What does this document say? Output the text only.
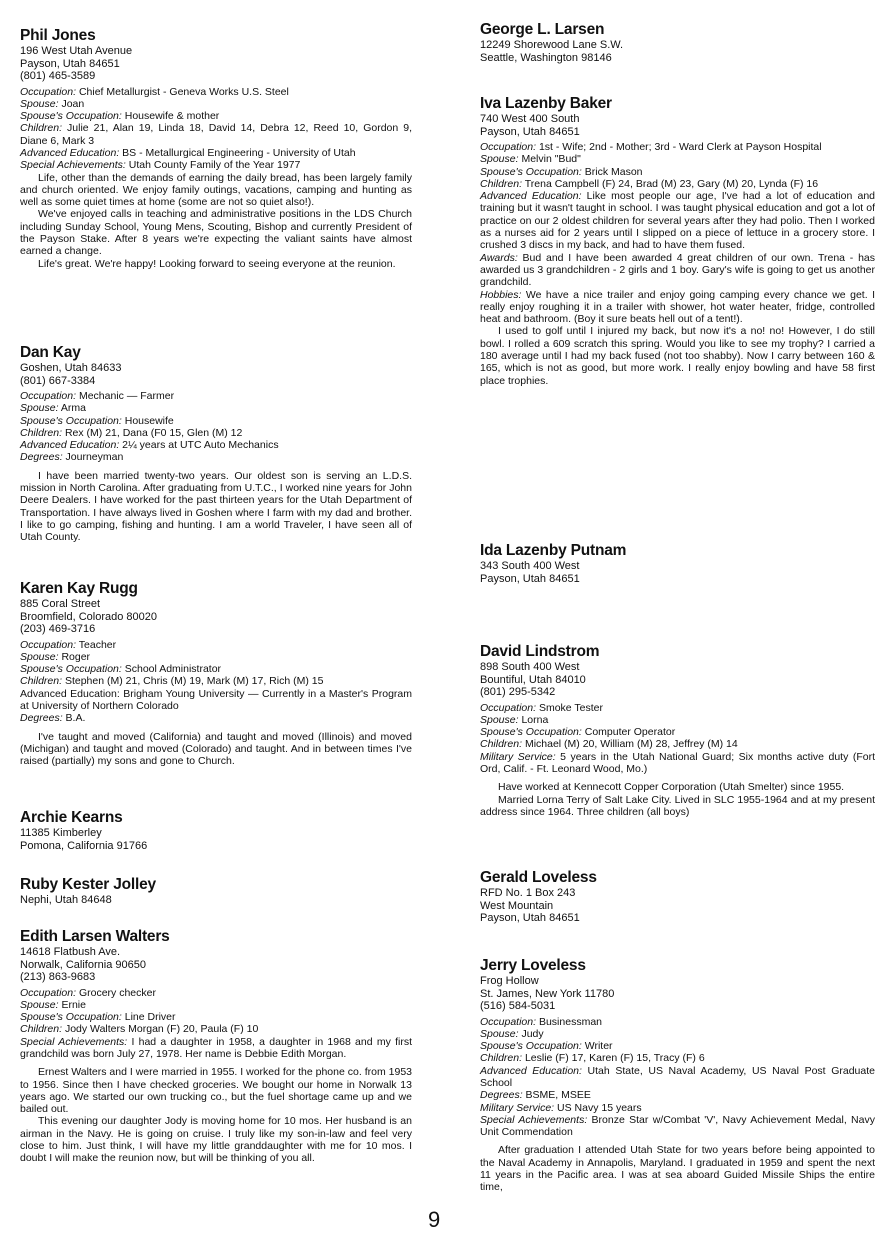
Phil Jones
196 West Utah Avenue
Payson, Utah 84651
(801) 465-3589
Occupation: Chief Metallurgist - Geneva Works U.S. Steel
Spouse: Joan
Spouse's Occupation: Housewife & mother
Children: Julie 21, Alan 19, Linda 18, David 14, Debra 12, Reed 10, Gordon 9, Diane 6, Mark 3
Advanced Education: BS - Metallurgical Engineering - University of Utah
Special Achievements: Utah County Family of the Year 1977

Life, other than the demands of earning the daily bread, has been largely family and church oriented. We enjoy family outings, vacations, camping and hunting as well as some quiet times at home (some are not so quiet also!).

We've enjoyed calls in teaching and administrative positions in the LDS Church including Sunday School, Young Mens, Scouting, Bishop and currently President of the Payson Stake. After 8 years we're expecting the valiant saints have almost earned a change.

Life's great. We're happy! Looking forward to seeing everyone at the reunion.

Dan Kay
Goshen, Utah 84633
(801) 667-3384
Occupation: Mechanic — Farmer
Spouse: Arma
Spouse's Occupation: Housewife
Children: Rex (M) 21, Dana (F0 15, Glen (M) 12
Advanced Education: 2¼ years at UTC Auto Mechanics
Degrees: Journeyman

I have been married twenty-two years. Our oldest son is serving an L.D.S. mission in North Carolina. After graduating from U.T.C., I worked nine years for John Deere Dealers. I have worked for the past thirteen years for the Utah Department of Transportation. I have always lived in Goshen where I farm with my dad and brother. I like to go camping, fishing and hunting. I am a world Traveler, I have seen all of Utah County.

Karen Kay Rugg
885 Coral Street
Broomfield, Colorado 80020
(203) 469-3716
Occupation: Teacher
Spouse: Roger
Spouse's Occupation: School Administrator
Children: Stephen (M) 21, Chris (M) 19, Mark (M) 17, Rich (M) 15
Advanced Education: Brigham Young University — Currently in a Master's Program at University of Northern Colorado
Degrees: B.A.

I've taught and moved (California) and taught and moved (Illinois) and moved (Michigan) and taught and moved (Colorado) and taught. And in between times I've raised (partially) my sons and gone to Church.

Archie Kearns
11385 Kimberley
Pomona, California 91766
Ruby Kester Jolley
Nephi, Utah 84648
Edith Larsen Walters
14618 Flatbush Ave.
Norwalk, California 90650
(213) 863-9683
Occupation: Grocery checker
Spouse: Ernie
Spouse's Occupation: Line Driver
Children: Jody Walters Morgan (F) 20, Paula (F) 10
Special Achievements: I had a daughter in 1958, a daughter in 1968 and my first grandchild was born July 27, 1978. Her name is Debbie Edith Morgan.

Ernest Walters and I were married in 1955. I worked for the phone co. from 1953 to 1956. Since then I have checked groceries. We bought our home in Norwalk 13 years ago. We started our own trucking co., but the fuel shortage came up and we bailed out.

This evening our daughter Jody is moving home for 10 mos. Her husband is an airman in the Navy. He is going on cruise. I truly like my son-in-law and feel very close to him. Just think, I will have my little granddaughter with me for 10 mos. I doubt I will make the reunion now, but will be thinking of you all.

George L. Larsen
12249 Shorewood Lane S.W.
Seattle, Washington 98146
Iva Lazenby Baker
740 West 400 South
Payson, Utah 84651
Occupation: 1st - Wife; 2nd - Mother; 3rd - Ward Clerk at Payson Hospital
Spouse: Melvin "Bud"
Spouse's Occupation: Brick Mason
Children: Trena Campbell (F) 24, Brad (M) 23, Gary (M) 20, Lynda (F) 16
Advanced Education: Like most people our age, I've had a lot of education and training but it wasn't taught in school. I was taught physical education and got a lot of practice on our 2 oldest children for several years after they had polio. Then I worked as a nurses aid for 2 years until I slipped on a piece of lettuce in a grocery store. I crushed 3 discs in my back, and had to have them fused.
Awards: Bud and I have been awarded 4 great children of our own. Trena - has awarded us 3 grandchildren - 2 girls and 1 boy. Gary's wife is going to get us another grandchild.
Hobbies: We have a nice trailer and enjoy going camping every chance we get. I really enjoy roughing it in a trailer with shower, hot water heater, fridge, controlled heat and bathroom. (Boy it sure beats hell out of a tent!).

I used to golf until I injured my back, but now it's a no! no! However, I do still bowl. I rolled a 609 scratch this spring. Would you like to see my trophy? I carried a 180 average until I had my back fused (not too shabby). Now I carry between 160 & 165, which is not as good, but more work. I really enjoy bowling and have 58 first place trophies.

Ida Lazenby Putnam
343 South 400 West
Payson, Utah 84651
David Lindstrom
898 South 400 West
Bountiful, Utah 84010
(801) 295-5342
Occupation: Smoke Tester
Spouse: Lorna
Spouse's Occupation: Computer Operator
Children: Michael (M) 20, William (M) 28, Jeffrey (M) 14
Military Service: 5 years in the Utah National Guard; Six months active duty (Fort Ord, Calif. - Ft. Leonard Wood, Mo.)

Have worked at Kennecott Copper Corporation (Utah Smelter) since 1955.

Married Lorna Terry of Salt Lake City. Lived in SLC 1955-1964 and at my present address since 1964. Three children (all boys)

Gerald Loveless
RFD No. 1 Box 243
West Mountain
Payson, Utah 84651
Jerry Loveless
Frog Hollow
St. James, New York 11780
(516) 584-5031
Occupation: Businessman
Spouse: Judy
Spouse's Occupation: Writer
Children: Leslie (F) 17, Karen (F) 15, Tracy (F) 6
Advanced Education: Utah State, US Naval Academy, US Naval Post Graduate School
Degrees: BSME, MSEE
Military Service: US Navy 15 years
Special Achievements: Bronze Star w/Combat 'V', Navy Achievement Medal, Navy Unit Commendation

After graduation I attended Utah State for two years before being appointed to the Naval Academy in Annapolis, Maryland. I graduated in 1959 and spent the next 11 years in the Pacific area. I was at sea aboard Guided Missile Ships the entire time,

9
